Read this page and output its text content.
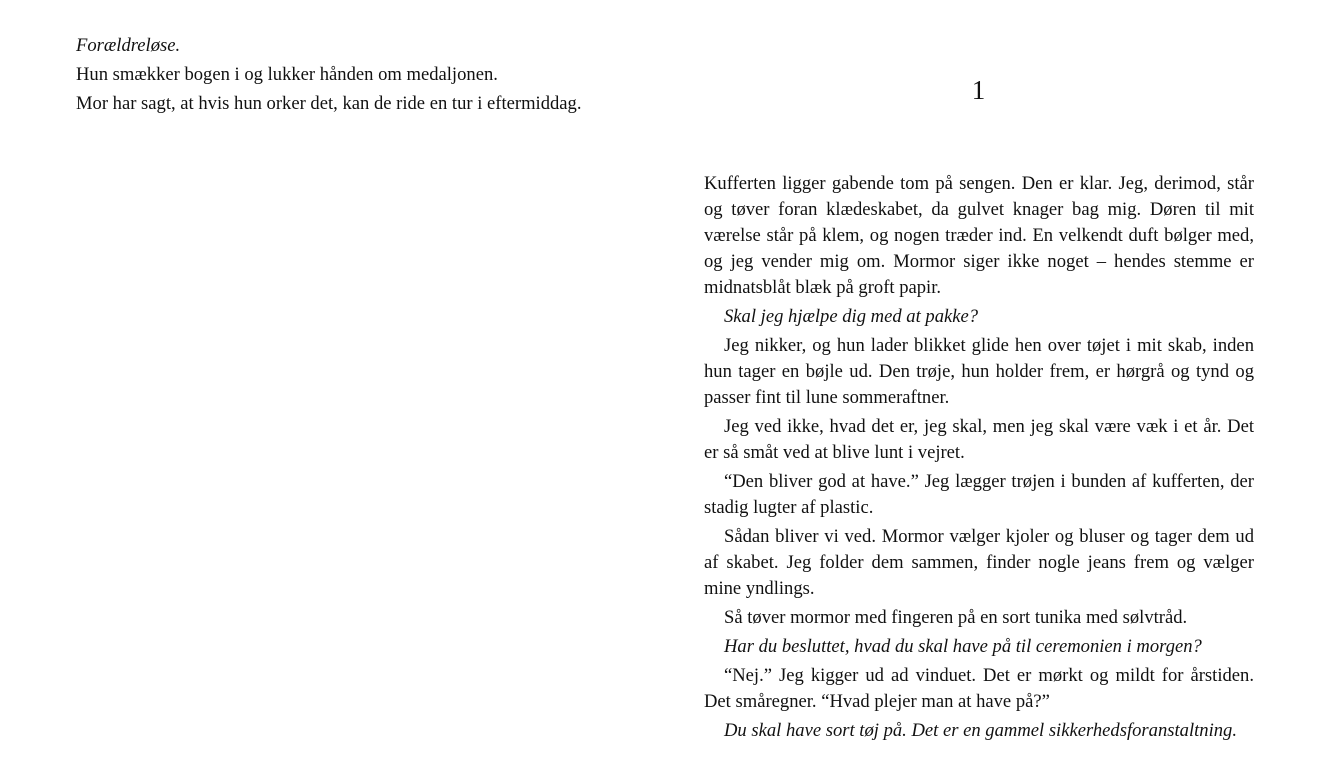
Forældreløse.

Hun smækker bogen i og lukker hånden om medaljonen.

Mor har sagt, at hvis hun orker det, kan de ride en tur i eftermiddag.	1

Kufferten ligger gabende tom på sengen. Den er klar. Jeg, derimod, står og tøver foran klædeskabet, da gulvet knager bag mig. Døren til mit værelse står på klem, og nogen træder ind. En velkendt duft bølger med, og jeg vender mig om. Mormor siger ikke noget – hendes stemme er midnatsblåt blæk på groft papir.

Skal jeg hjælpe dig med at pakke?

Jeg nikker, og hun lader blikket glide hen over tøjet i mit skab, inden hun tager en bøjle ud. Den trøje, hun holder frem, er hørgrå og tynd og passer fint til lune sommeraftner.

Jeg ved ikke, hvad det er, jeg skal, men jeg skal være væk i et år. Det er så småt ved at blive lunt i vejret.

“Den bliver god at have.” Jeg lægger trøjen i bunden af kufferten, der stadig lugter af plastic.

Sådan bliver vi ved. Mormor vælger kjoler og bluser og tager dem ud af skabet. Jeg folder dem sammen, finder nogle jeans frem og vælger mine yndlings.

Så tøver mormor med fingeren på en sort tunika med sølvtråd.

Har du besluttet, hvad du skal have på til ceremonien i morgen?

“Nej.” Jeg kigger ud ad vinduet. Det er mørkt og mildt for årstiden. Det småregner. “Hvad plejer man at have på?”

Du skal have sort tøj på. Det er en gammel sikkerhedsforanstaltning.
